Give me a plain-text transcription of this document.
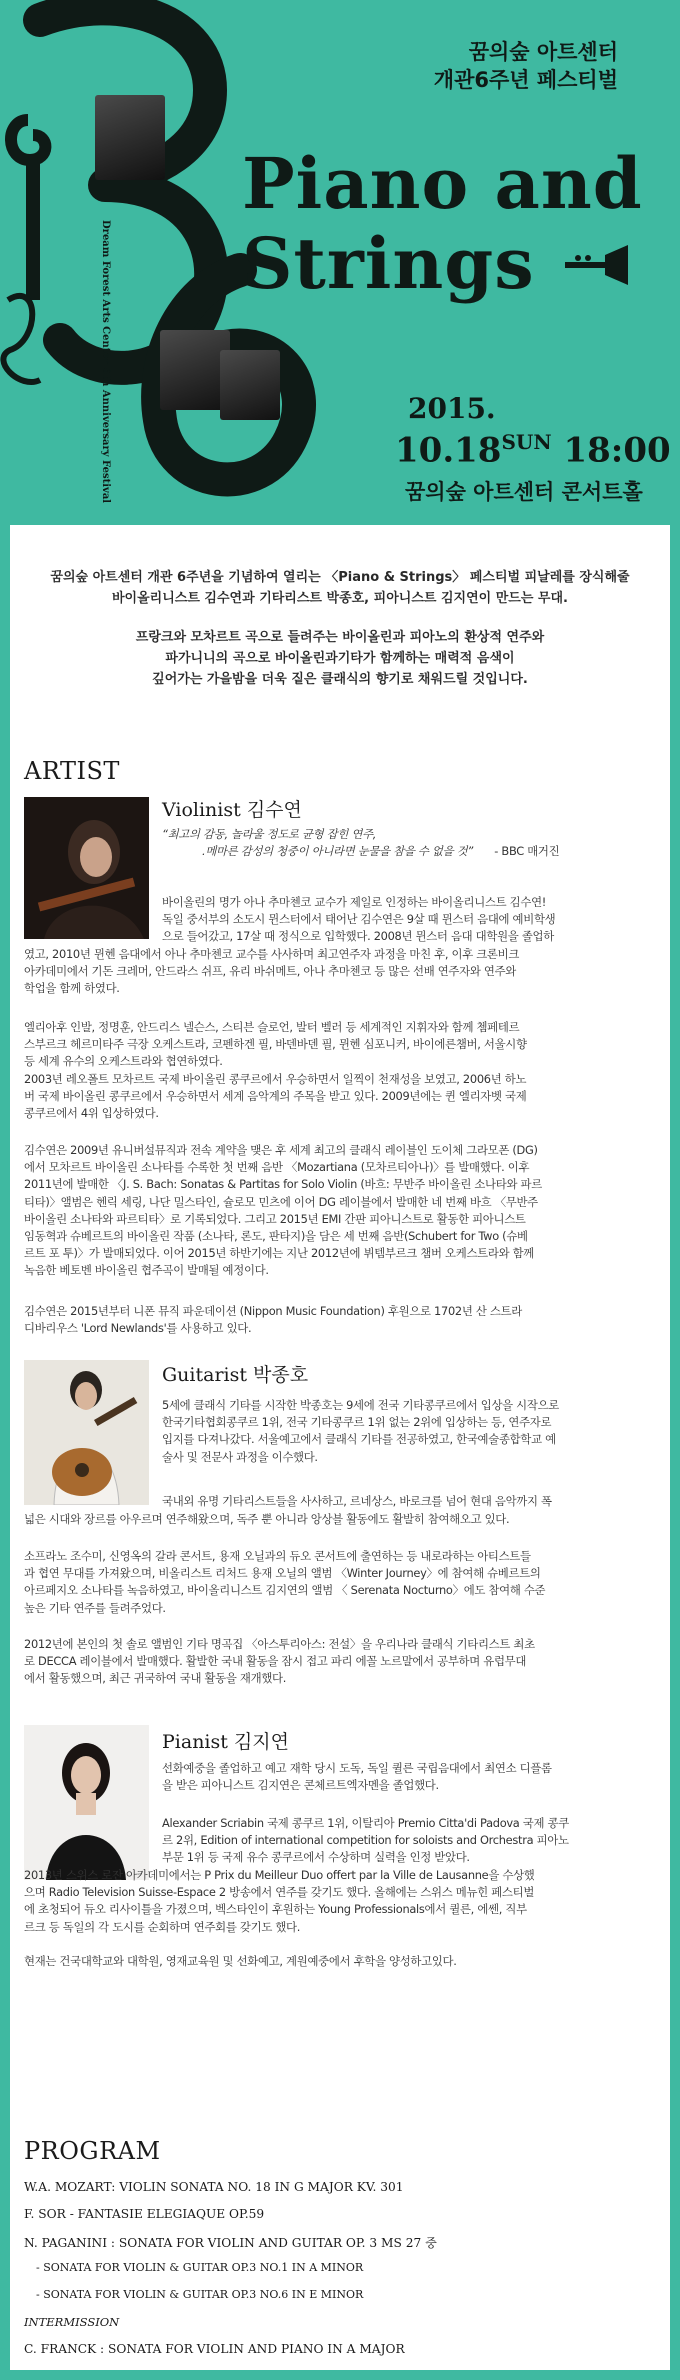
꿈의숲 아트센터
개관6주년 페스티벌
Piano and
Strings
Dream Forest Arts Center 6th Anniversary Festival	2015.
$10.18^{SUN}$ 18:00
꿈의숲 아트센터 콘서트홀

꿈의숲 아트센터 개관 6주년을 기념하여 열리는 〈Piano & Strings〉 페스티벌 피날레를 장식해줄
바이올리니스트 김수연과 기타리스트 박종호, 피아니스트 김지연이 만드는 무대.

프랑크와 모차르트 곡으로 들려주는 바이올린과 피아노의 환상적 연주와
파가니니의 곡으로 바이올린과기타가 함께하는 매력적 음색이
깊어가는 가을밤을 더욱 짙은 클래식의 향기로 채워드릴 것입니다.

ARTIST
Violinist 김수연
“최고의 감동, 놀라울 정도로 균형 잡힌 연주,
.메마른 감성의 청중이 아니라면 눈물을 참을 수 없을 것” - BBC 매거진
바이올린의 명가 아나 추마첸코 교수가 제일로 인정하는 바이올리니스트 김수연!
독일 중서부의 소도시 뮌스터에서 태어난 김수연은 9살 때 뮌스터 음대에 예비학생
으로 들어갔고, 17살 때 정식으로 입학했다. 2008년 뮌스터 음대 대학원을 졸업하
였고, 2010년 뮌헨 음대에서 아나 추마첸코 교수를 사사하며 최고연주자 과정을 마친 후, 이후 크론비크
아카데미에서 기돈 크레머, 안드라스 쉬프, 유리 바쉬메트, 아나 추마첸코 등 많은 선배 연주자와 연주와
학업을 함께 하였다.
엘리아후 인발, 정명훈, 안드리스 넬슨스, 스티븐 슬로언, 발터 벨러 등 세계적인 지휘자와 함께 쳄페테르
스부르크 헤르미타주 극장 오케스트라, 코펜하겐 필, 바덴바덴 필, 뮌헨 심포니커, 바이에른챔버, 서울시향
등 세계 유수의 오케스트라와 협연하였다.
2003년 레오폴트 모차르트 국제 바이올린 콩쿠르에서 우승하면서 일찍이 천재성을 보였고, 2006년 하노
버 국제 바이올린 콩쿠르에서 우승하면서 세계 음악계의 주목을 받고 있다. 2009년에는 퀸 엘리자벳 국제
콩쿠르에서 4위 입상하였다.
김수연은 2009년 유니버설뮤직과 전속 계약을 맺은 후 세계 최고의 클래식 레이블인 도이체 그라모폰 (DG)
에서 모차르트 바이올린 소나타를 수록한 첫 번째 음반 〈Mozartiana (모차르티아나)〉를 발매했다. 이후
2011년에 발매한 〈J. S. Bach: Sonatas & Partitas for Solo Violin (바흐: 무반주 바이올린 소나타와 파르
티타)〉앨범은 헨릭 세링, 나단 밀스타인, 슐로모 민츠에 이어 DG 레이블에서 발매한 네 번째 바흐 〈무반주
바이올린 소나타와 파르티타〉로 기록되었다. 그리고 2015년 EMI 간판 피아니스트로 활동한 피아니스트
임동혁과 슈베르트의 바이올린 작품 (소나타, 론도, 판타지)을 담은 세 번째 음반(Schubert for Two (슈베
르트 포 투)〉가 발매되었다. 이어 2015년 하반기에는 지난 2012년에 뷔템부르크 챔버 오케스트라와 함께
녹음한 베토벤 바이올린 협주곡이 발매될 예정이다.
김수연은 2015년부터 니폰 뮤직 파운데이션 (Nippon Music Foundation) 후원으로 1702년 산 스트라
디바리우스 'Lord Newlands'를 사용하고 있다.
Guitarist 박종호
5세에 클래식 기타를 시작한 박종호는 9세에 전국 기타콩쿠르에서 입상을 시작으로
한국기타협회콩쿠르 1위, 전국 기타콩쿠르 1위 없는 2위에 입상하는 등, 연주자로
입지를 다져나갔다. 서울예고에서 클래식 기타를 전공하였고, 한국예술종합학교 예
술사 및 전문사 과정을 이수했다.
국내외 유명 기타리스트들을 사사하고, 르네상스, 바로크를 넘어 현대 음악까지 폭
넓은 시대와 장르를 아우르며 연주해왔으며, 독주 뿐 아니라 앙상블 활동에도 활발히 참여해오고 있다.
소프라노 조수미, 신영옥의 갈라 콘서트, 용재 오닐과의 듀오 콘서트에 출연하는 등 내로라하는 아티스트들
과 협연 무대를 가져왔으며, 비올리스트 리처드 용재 오닐의 앨범 〈Winter Journey〉에 참여해 슈베르트의
아르페지오 소나타를 녹음하였고, 바이올리니스트 김지연의 앨범 〈 Serenata Nocturno〉에도 참여해 수준
높은 기타 연주를 들려주었다.
2012년에 본인의 첫 솔로 앨범인 기타 명곡집 〈아스투리아스: 전설〉을 우리나라 클래식 기타리스트 최초
로 DECCA 레이블에서 발매했다. 활발한 국내 활동을 잠시 접고 파리 에꼴 노르말에서 공부하며 유럽무대
에서 활동했으며, 최근 귀국하여 국내 활동을 재개했다.
Pianist 김지연
선화예중을 졸업하고 예고 재학 당시 도독, 독일 퀼른 국립음대에서 최연소 디플롬
을 받은 피아니스트 김지연은 콘체르트엑자멘을 졸업했다.
Alexander Scriabin 국제 콩쿠르 1위, 이탈리아 Premio Citta'di Padova 국제 콩쿠
르 2위, Edition of international competition for soloists and Orchestra 피아노
부문 1위 등 국제 유수 콩쿠르에서 수상하며 실력을 인정 받았다.
2013년 스위스 로잔 아카데미에서는 P Prix du Meilleur Duo offert par la Ville de Lausanne을 수상했
으며 Radio Television Suisse-Espace 2 방송에서 연주를 갖기도 했다. 올해에는 스위스 메뉴힌 페스티벌
에 초청되어 듀오 리사이틀을 가졌으며, 벡스타인이 후원하는 Young Professionals에서 퀼른, 에쎈, 직부
르크 등 독일의 각 도시를 순회하며 연주회를 갖기도 했다.
현재는 건국대학교와 대학원, 영재교육원 및 선화예고, 계원예중에서 후학을 양성하고있다.
PROGRAM
W.A. MOZART: VIOLIN SONATA NO. 18 IN G MAJOR KV. 301
F. SOR - FANTASIE ELEGIAQUE OP.59
N. PAGANINI : SONATA FOR VIOLIN AND GUITAR OP. 3 MS 27 중
- SONATA FOR VIOLIN & GUITAR OP.3 NO.1 IN A MINOR
- SONATA FOR VIOLIN & GUITAR OP.3 NO.6 IN E MINOR
INTERMISSION
C. FRANCK : SONATA FOR VIOLIN AND PIANO IN A MAJOR
